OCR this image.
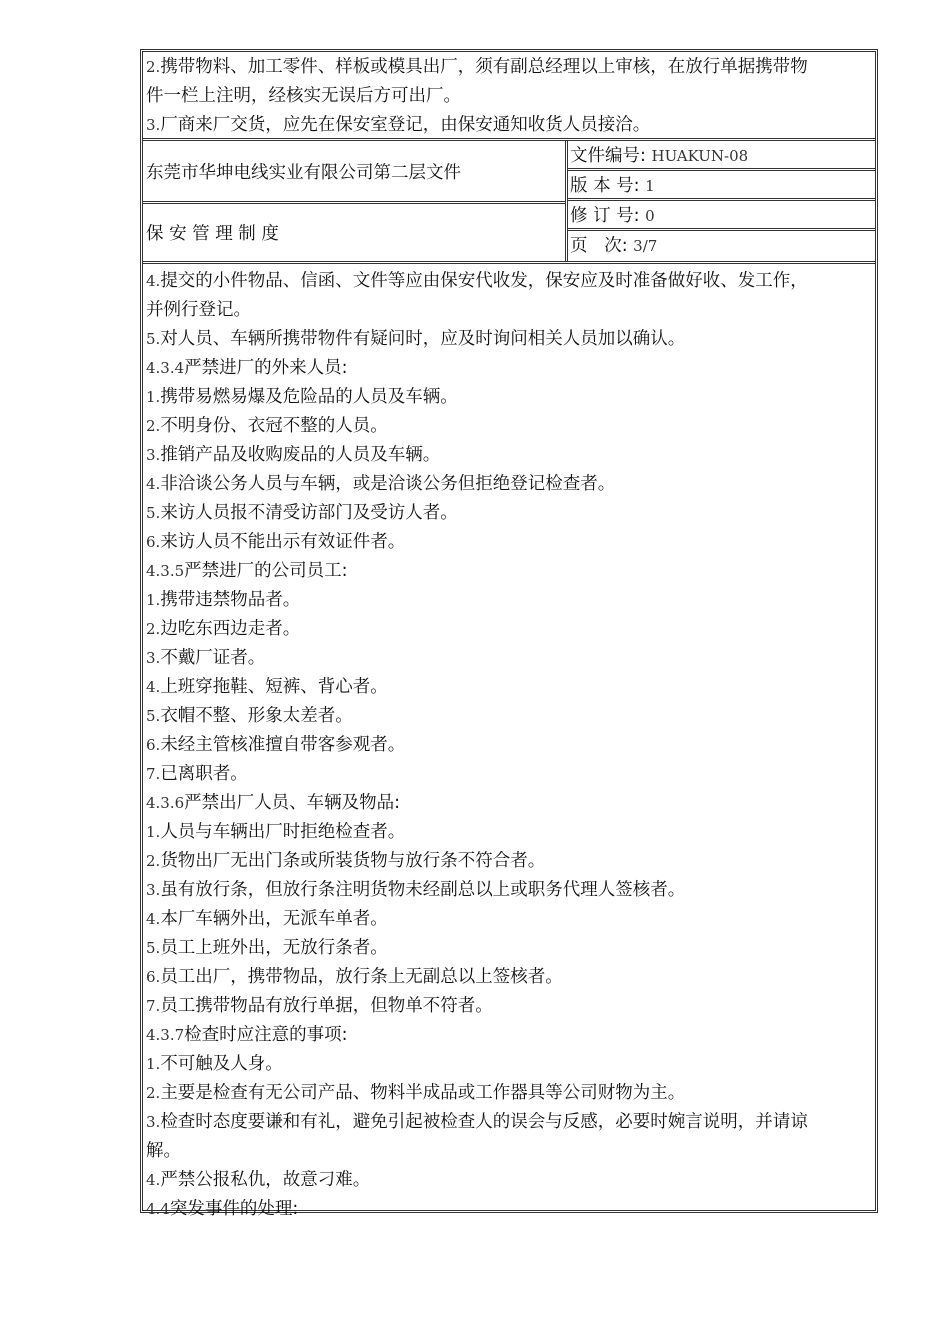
2.携带物料、加工零件、样板或模具出厂，须有副总经理以上审核，在放行单据携带物
件一栏上注明，经核实无误后方可出厂。
3.厂商来厂交货，应先在保安室登记，由保安通知收货人员接洽。
东莞市华坤电线实业有限公司第二层文件
保 安 管 理 制 度
文件编号: HUAKUN-08
版 本 号: 1
修 订 号: 0
页   次: 3/7
4.提交的小件物品、信函、文件等应由保安代收发，保安应及时准备做好收、发工作，
并例行登记。
5.对人员、车辆所携带物件有疑问时，应及时询问相关人员加以确认。
4.3.4严禁进厂的外来人员:
1.携带易燃易爆及危险品的人员及车辆。
2.不明身份、衣冠不整的人员。
3.推销产品及收购废品的人员及车辆。
4.非洽谈公务人员与车辆，或是洽谈公务但拒绝登记检查者。
5.来访人员报不清受访部门及受访人者。
6.来访人员不能出示有效证件者。
4.3.5严禁进厂的公司员工:
1.携带违禁物品者。
2.边吃东西边走者。
3.不戴厂证者。
4.上班穿拖鞋、短裤、背心者。
5.衣帽不整、形象太差者。
6.未经主管核准擅自带客参观者。
7.已离职者。
4.3.6严禁出厂人员、车辆及物品:
1.人员与车辆出厂时拒绝检查者。
2.货物出厂无出门条或所装货物与放行条不符合者。
3.虽有放行条，但放行条注明货物未经副总以上或职务代理人签核者。
4.本厂车辆外出，无派车单者。
5.员工上班外出，无放行条者。
6.员工出厂，携带物品，放行条上无副总以上签核者。
7.员工携带物品有放行单据，但物单不符者。
4.3.7检查时应注意的事项:
1.不可触及人身。
2.主要是检查有无公司产品、物料半成品或工作器具等公司财物为主。
3.检查时态度要谦和有礼，避免引起被检查人的误会与反感，必要时婉言说明，并请谅
解。
4.严禁公报私仇，故意刁难。
4.4突发事件的处理:
